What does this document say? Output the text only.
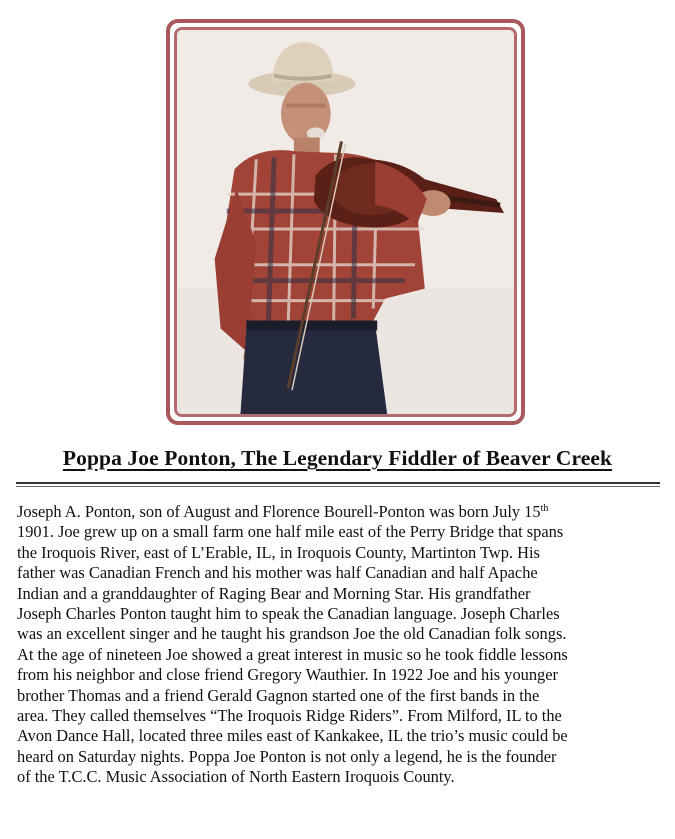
Poppa Joe Ponton, The Legendary Fiddler of Beaver Creek
Joseph A. Ponton, son of August and Florence Bourell-Ponton was born July 15th
1901. Joe grew up on a small farm one half mile east of the Perry Bridge that spans
the Iroquois River, east of L’Erable, IL, in Iroquois County, Martinton Twp. His
father was Canadian French and his mother was half Canadian and half Apache
Indian and a granddaughter of Raging Bear and Morning Star. His grandfather
Joseph Charles Ponton taught him to speak the Canadian language. Joseph Charles
was an excellent singer and he taught his grandson Joe the old Canadian folk songs.
At the age of nineteen Joe showed a great interest in music so he took fiddle lessons
from his neighbor and close friend Gregory Wauthier. In 1922 Joe and his younger
brother Thomas and a friend Gerald Gagnon started one of the first bands in the
area. They called themselves “The Iroquois Ridge Riders”. From Milford, IL to the
Avon Dance Hall, located three miles east of Kankakee, IL the trio’s music could be
heard on Saturday nights. Poppa Joe Ponton is not only a legend, he is the founder
of the T.C.C. Music Association of North Eastern Iroquois County.
